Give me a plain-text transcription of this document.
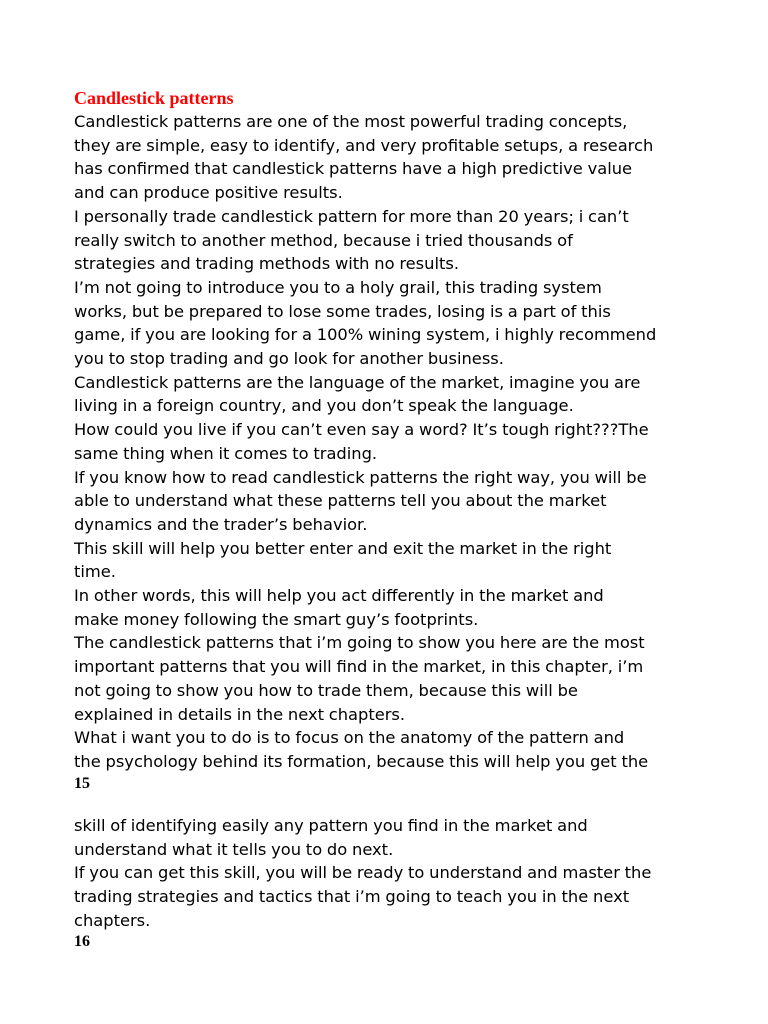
Candlestick patterns
Candlestick patterns are one of the most powerful trading concepts,
they are simple, easy to identify, and very profitable setups, a research
has confirmed that candlestick patterns have a high predictive value
and can produce positive results.
I personally trade candlestick pattern for more than 20 years; i can’t
really switch to another method, because i tried thousands of
strategies and trading methods with no results.
I’m not going to introduce you to a holy grail, this trading system
works, but be prepared to lose some trades, losing is a part of this
game, if you are looking for a 100% wining system, i highly recommend
you to stop trading and go look for another business.
Candlestick patterns are the language of the market, imagine you are
living in a foreign country, and you don’t speak the language.
How could you live if you can’t even say a word? It’s tough right???The
same thing when it comes to trading.
If you know how to read candlestick patterns the right way, you will be
able to understand what these patterns tell you about the market
dynamics and the trader’s behavior.
This skill will help you better enter and exit the market in the right
time.
In other words, this will help you act differently in the market and
make money following the smart guy’s footprints.
The candlestick patterns that i’m going to show you here are the most
important patterns that you will find in the market, in this chapter, i’m
not going to show you how to trade them, because this will be
explained in details in the next chapters.
What i want you to do is to focus on the anatomy of the pattern and
the psychology behind its formation, because this will help you get the
15
skill of identifying easily any pattern you find in the market and
understand what it tells you to do next.
If you can get this skill, you will be ready to understand and master the
trading strategies and tactics that i’m going to teach you in the next
chapters.
16
